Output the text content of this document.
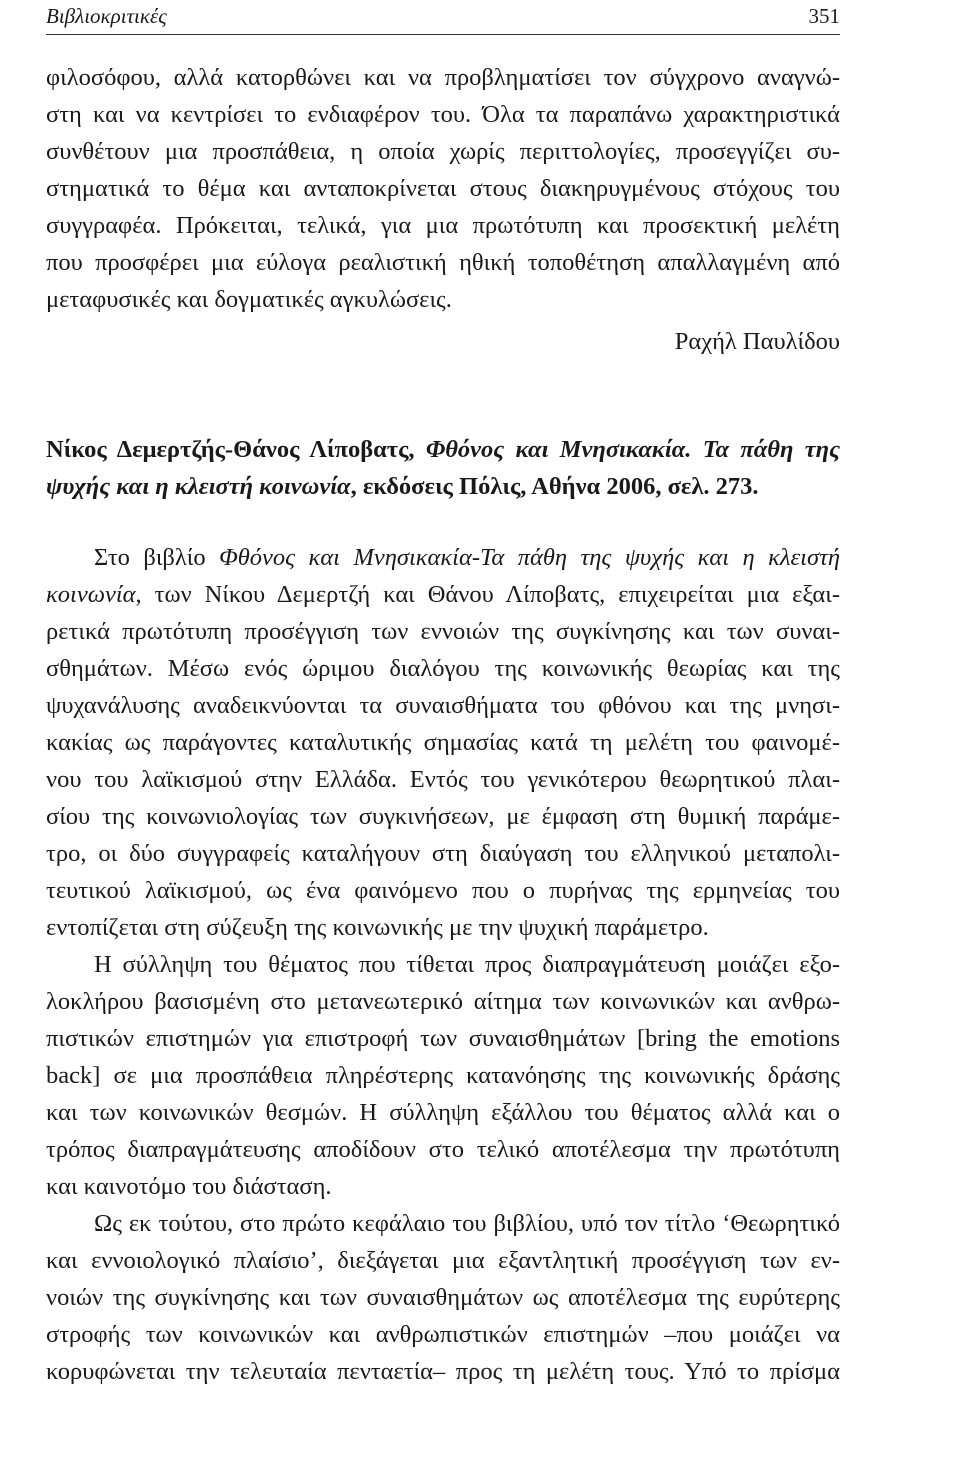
Βιβλιοκριτικές	351
φιλοσόφου, αλλά κατορθώνει και να προβληματίσει τον σύγχρονο αναγνώ-
στη και να κεντρίσει το ενδιαφέρον του. Όλα τα παραπάνω χαρακτηριστικά
συνθέτουν μια προσπάθεια, η οποία χωρίς περιττολογίες, προσεγγίζει συ-
στηματικά το θέμα και ανταποκρίνεται στους διακηρυγμένους στόχους του
συγγραφέα. Πρόκειται, τελικά, για μια πρωτότυπη και προσεκτική μελέτη
που προσφέρει μια εύλογα ρεαλιστική ηθική τοποθέτηση απαλλαγμένη από
μεταφυσικές και δογματικές αγκυλώσεις.
Ραχήλ Παυλίδου
Νίκος Δεμερτζής-Θάνος Λίποβατς, Φθόνος και Μνησικακία. Τα πάθη της
ψυχής και η κλειστή κοινωνία, εκδόσεις Πόλις, Αθήνα 2006, σελ. 273.
Στο βιβλίο Φθόνος και Μνησικακία-Τα πάθη της ψυχής και η κλειστή
κοινωνία, των Νίκου Δεμερτζή και Θάνου Λίποβατς, επιχειρείται μια εξαι-
ρετικά πρωτότυπη προσέγγιση των εννοιών της συγκίνησης και των συναι-
σθημάτων. Μέσω ενός ώριμου διαλόγου της κοινωνικής θεωρίας και της
ψυχανάλυσης αναδεικνύονται τα συναισθήματα του φθόνου και της μνησι-
κακίας ως παράγοντες καταλυτικής σημασίας κατά τη μελέτη του φαινομέ-
νου του λαϊκισμού στην Ελλάδα. Εντός του γενικότερου θεωρητικού πλαι-
σίου της κοινωνιολογίας των συγκινήσεων, με έμφαση στη θυμική παράμε-
τρο, οι δύο συγγραφείς καταλήγουν στη διαύγαση του ελληνικού μεταπολι-
τευτικού λαϊκισμού, ως ένα φαινόμενο που ο πυρήνας της ερμηνείας του
εντοπίζεται στη σύζευξη της κοινωνικής με την ψυχική παράμετρο.
Η σύλληψη του θέματος που τίθεται προς διαπραγμάτευση μοιάζει εξο-
λοκλήρου βασισμένη στο μετανεωτερικό αίτημα των κοινωνικών και ανθρω-
πιστικών επιστημών για επιστροφή των συναισθημάτων [bring the emotions
back] σε μια προσπάθεια πληρέστερης κατανόησης της κοινωνικής δράσης
και των κοινωνικών θεσμών. Η σύλληψη εξάλλου του θέματος αλλά και ο
τρόπος διαπραγμάτευσης αποδίδουν στο τελικό αποτέλεσμα την πρωτότυπη
και καινοτόμο του διάσταση.
Ως εκ τούτου, στο πρώτο κεφάλαιο του βιβλίου, υπό τον τίτλο ‘Θεωρητικό
και εννοιολογικό πλαίσιο’, διεξάγεται μια εξαντλητική προσέγγιση των εν-
νοιών της συγκίνησης και των συναισθημάτων ως αποτέλεσμα της ευρύτερης
στροφής των κοινωνικών και ανθρωπιστικών επιστημών –που μοιάζει να
κορυφώνεται την τελευταία πενταετία– προς τη μελέτη τους. Υπό το πρίσμα
